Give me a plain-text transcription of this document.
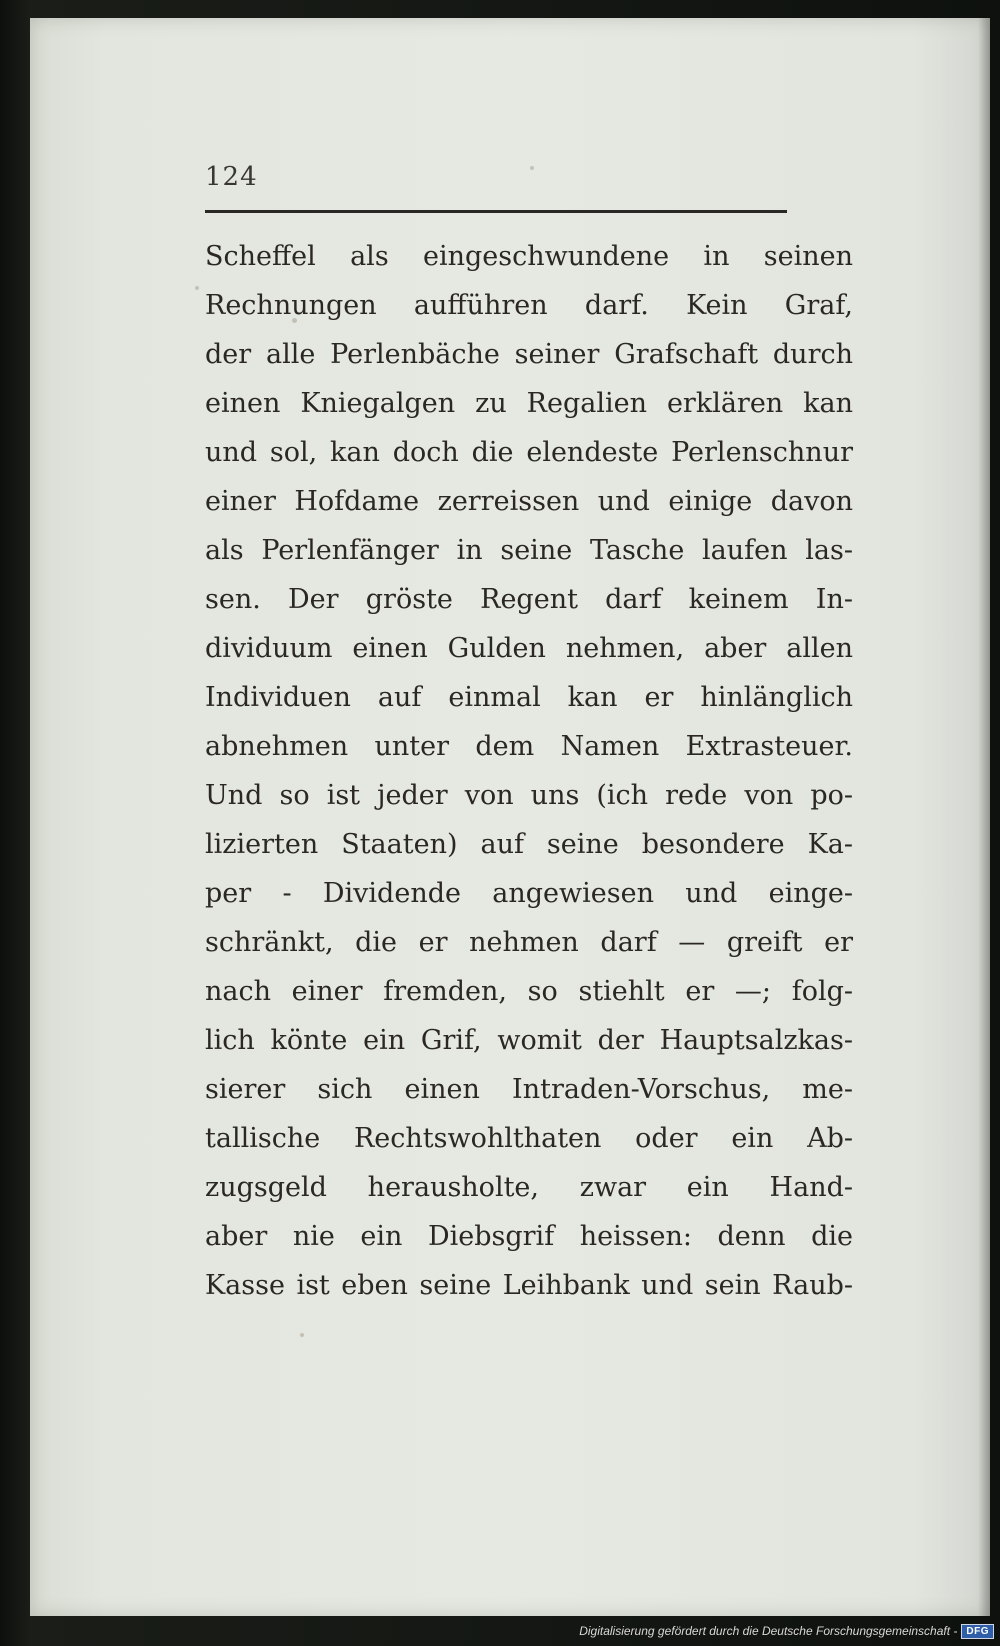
124
Scheffel als eingeschwundene in seinen
Rechnungen aufführen darf. Kein Graf,
der alle Perlenbäche seiner Grafschaft durch
einen Kniegalgen zu Regalien erklären kan
und sol, kan doch die elendeste Perlenschnur
einer Hofdame zerreissen und einige davon
als Perlenfänger in seine Tasche laufen las-
sen. Der gröste Regent darf keinem In-
dividuum einen Gulden nehmen, aber allen
Individuen auf einmal kan er hinlänglich
abnehmen unter dem Namen Extrasteuer.
Und so ist jeder von uns (ich rede von po-
lizierten Staaten) auf seine besondere Ka-
per - Dividende angewiesen und einge-
schränkt, die er nehmen darf — greift er
nach einer fremden, so stiehlt er —; folg-
lich könte ein Grif, womit der Hauptsalzkas-
sierer sich einen Intraden-Vorschus, me-
tallische Rechtswohlthaten oder ein Ab-
zugsgeld herausholte, zwar ein Hand-
aber nie ein Diebsgrif heissen: denn die
Kasse ist eben seine Leihbank und sein Raub-
Digitalisierung gefördert durch die Deutsche Forschungsgemeinschaft - DFG
